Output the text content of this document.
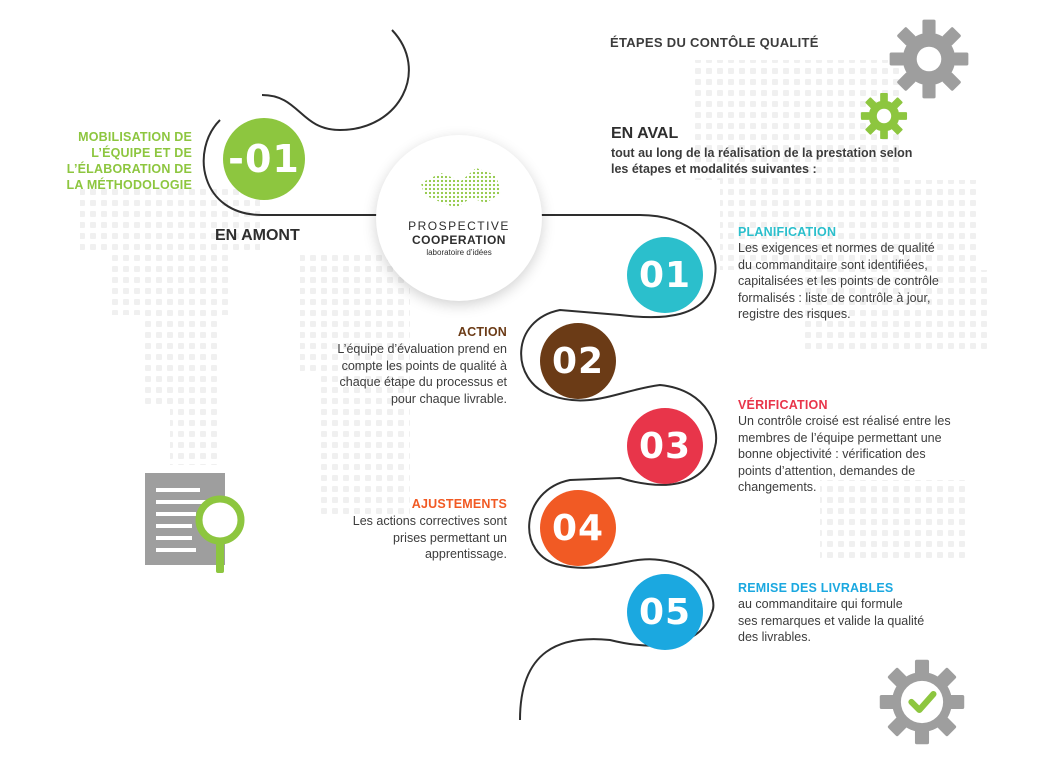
ÉTAPES DU CONTÔLE QUALITÉ
MOBILISATION DE
L’ÉQUIPE ET DE
L’ÉLABORATION DE
LA MÉTHODOLOGIE
-01
EN AMONT
PROSPECTIVE
COOPERATION
laboratoire d’idées
EN AVAL
tout au long de la réalisation de la prestation selon
les étapes et modalités suivantes :
01
02
03
04
05
PLANIFICATION
Les exigences et normes de qualité
du commanditaire sont identifiées,
capitalisées et les points de contrôle
formalisés : liste de contrôle à jour,
registre des risques.
VÉRIFICATION
Un contrôle croisé est réalisé entre les
membres de l’équipe permettant une
bonne objectivité : vérification des
points d’attention, demandes de
changements.
REMISE DES LIVRABLES
au commanditaire qui formule
ses remarques et valide la qualité
des livrables.
ACTION
L’équipe d’évaluation prend en
compte les points de qualité à
chaque étape du processus et
pour chaque livrable.
AJUSTEMENTS
Les actions correctives sont
prises permettant un
apprentissage.
